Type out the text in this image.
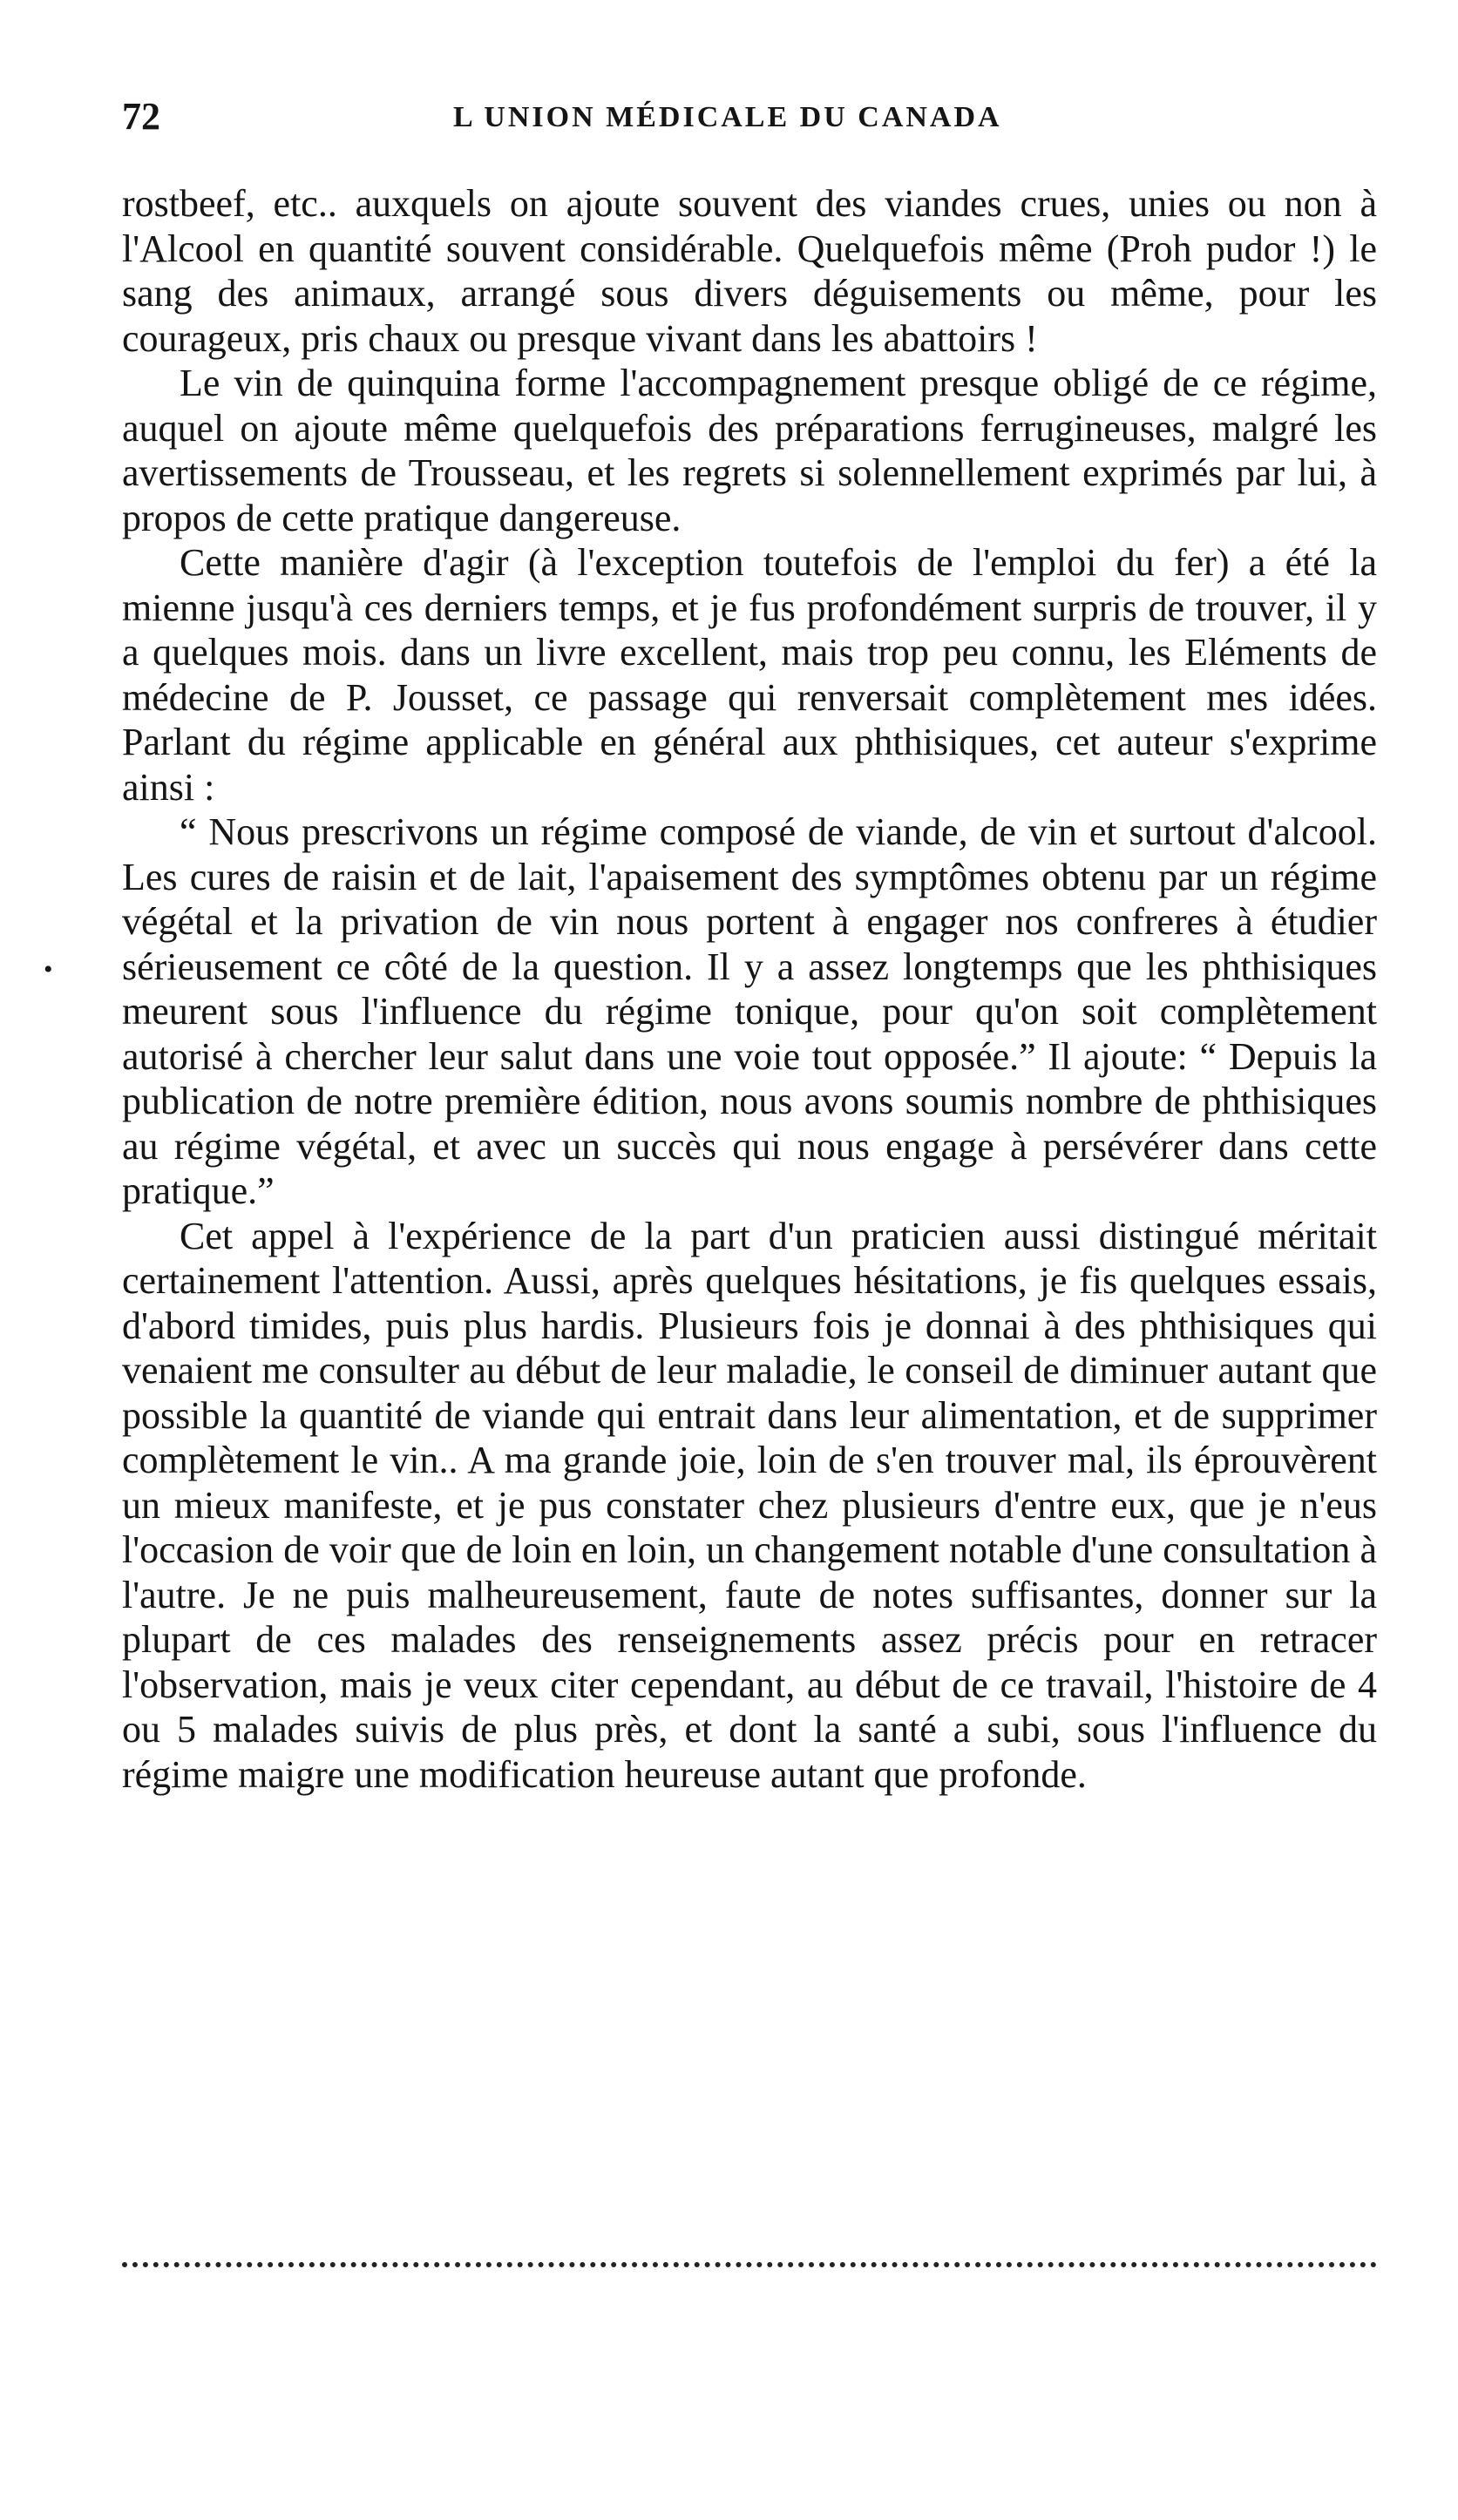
72	L UNION MÉDICALE DU CANADA
•

rostbeef, etc.. auxquels on ajoute souvent des viandes crues, unies ou non à l'Alcool en quantité souvent considérable. Quelquefois même (Proh pudor !) le sang des animaux, arrangé sous divers déguisements ou même, pour les courageux, pris chaux ou presque vivant dans les abattoirs !

Le vin de quinquina forme l'accompagnement presque obligé de ce régime, auquel on ajoute même quelquefois des préparations ferrugineuses, malgré les avertissements de Trousseau, et les regrets si solennellement exprimés par lui, à propos de cette pratique dangereuse.

Cette manière d'agir (à l'exception toutefois de l'emploi du fer) a été la mienne jusqu'à ces derniers temps, et je fus profondément surpris de trouver, il y a quelques mois. dans un livre excellent, mais trop peu connu, les Eléments de médecine de P. Jousset, ce passage qui renversait complètement mes idées. Parlant du régime applicable en général aux phthisiques, cet auteur s'exprime ainsi :

“ Nous prescrivons un régime composé de viande, de vin et surtout d'alcool. Les cures de raisin et de lait, l'apaisement des symptômes obtenu par un régime végétal et la privation de vin nous portent à engager nos confreres à étudier sérieusement ce côté de la question. Il y a assez longtemps que les phthisiques meurent sous l'influence du régime tonique, pour qu'on soit complètement autorisé à chercher leur salut dans une voie tout opposée.” Il ajoute: “ Depuis la publication de notre première édition, nous avons soumis nombre de phthisiques au régime végétal, et avec un succès qui nous engage à persévérer dans cette pratique.”

Cet appel à l'expérience de la part d'un praticien aussi distingué méritait certainement l'attention. Aussi, après quelques hésitations, je fis quelques essais, d'abord timides, puis plus hardis. Plusieurs fois je donnai à des phthisiques qui venaient me consulter au début de leur maladie, le conseil de diminuer autant que possible la quantité de viande qui entrait dans leur alimentation, et de supprimer complètement le vin.. A ma grande joie, loin de s'en trouver mal, ils éprouvèrent un mieux manifeste, et je pus constater chez plusieurs d'entre eux, que je n'eus l'occasion de voir que de loin en loin, un changement notable d'une consultation à l'autre. Je ne puis malheureusement, faute de notes suffisantes, donner sur la plupart de ces malades des renseignements assez précis pour en retracer l'observation, mais je veux citer cependant, au début de ce travail, l'histoire de 4 ou 5 malades suivis de plus près, et dont la santé a subi, sous l'influence du régime maigre une modification heureuse autant que profonde.
